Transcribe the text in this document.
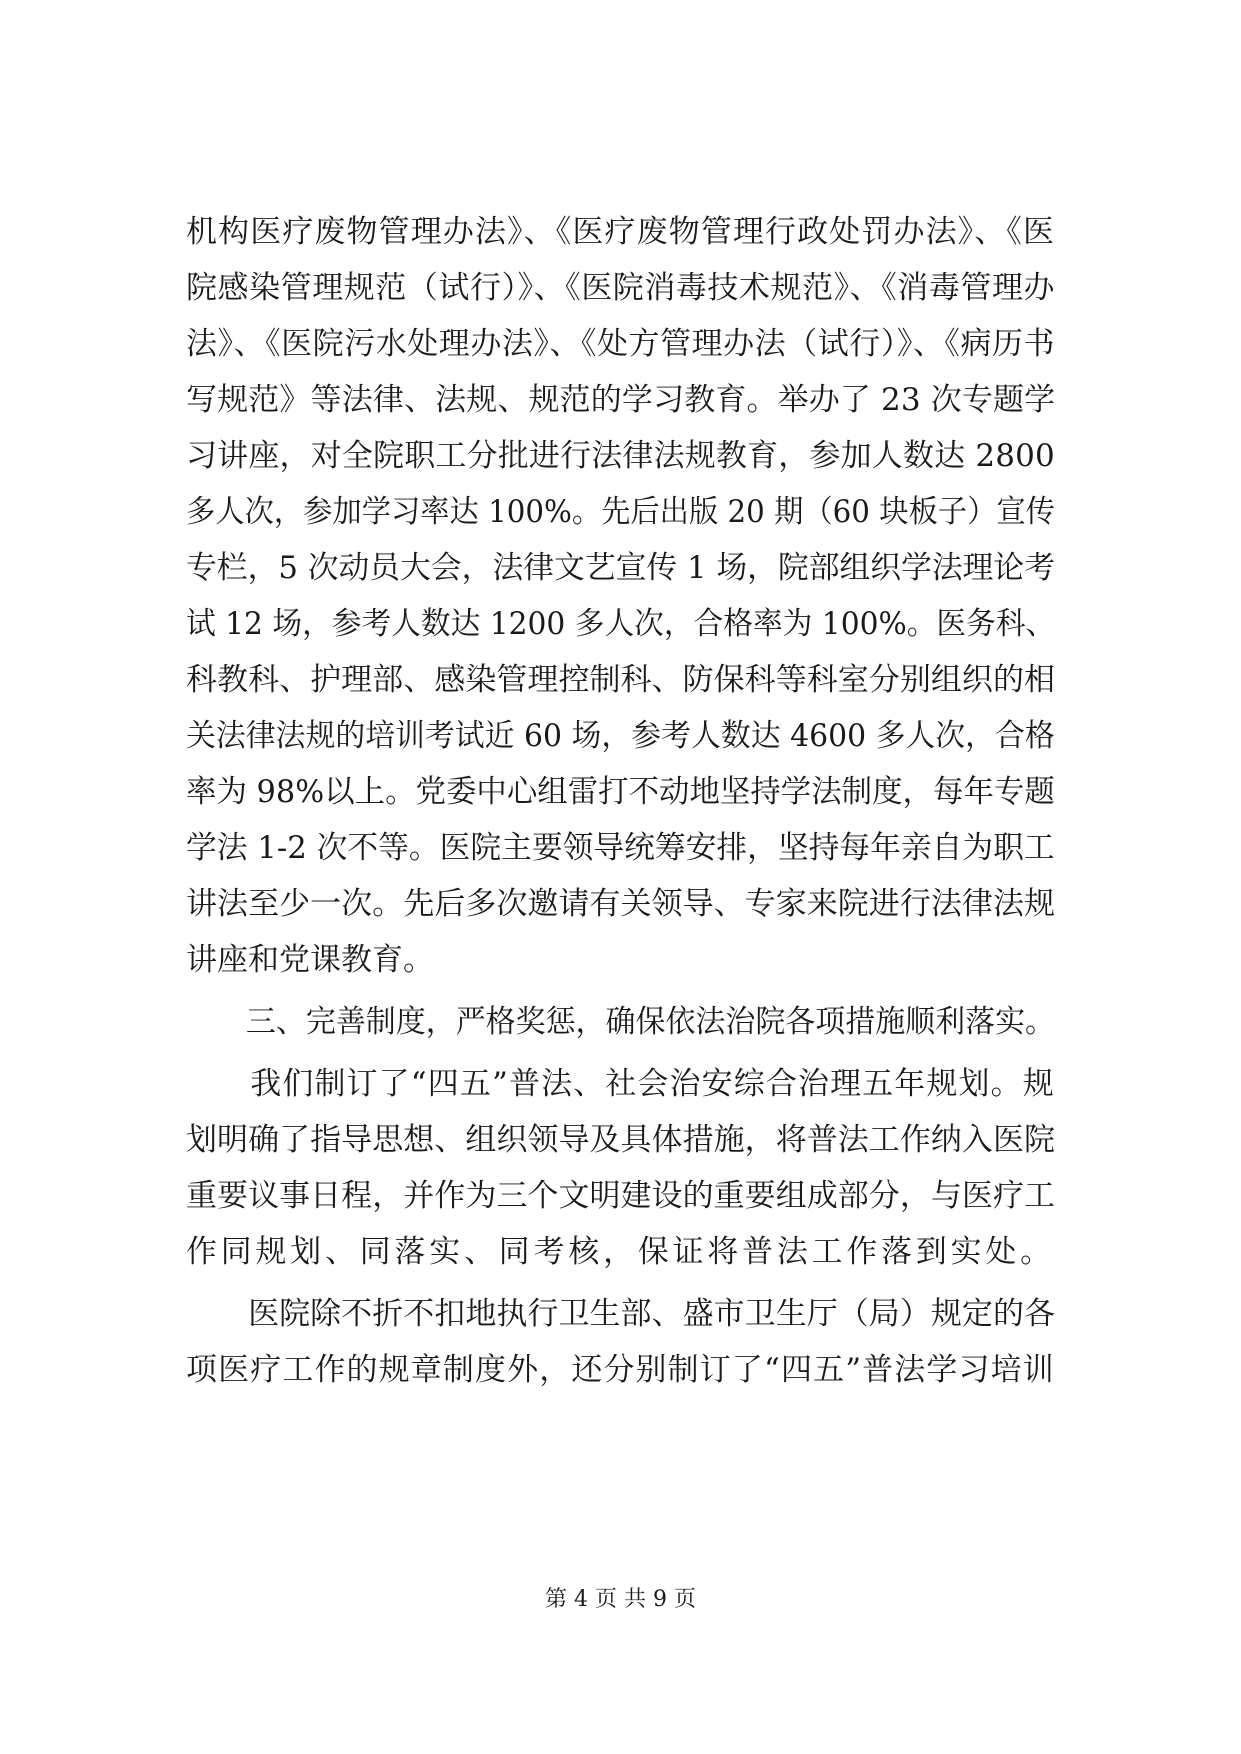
机构医疗废物管理办法》、《医疗废物管理行政处罚办法》、《医
院感染管理规范（试行）》、《医院消毒技术规范》、《消毒管理办
法》、《医院污水处理办法》、《处方管理办法（试行）》、《病历书
写规范》等法律、法规、规范的学习教育。举办了 23 次专题学
习讲座，对全院职工分批进行法律法规教育，参加人数达 2800
多人次，参加学习率达 100%。先后出版 20 期（60 块板子）宣传
专栏，5 次动员大会，法律文艺宣传 1 场，院部组织学法理论考
试 12 场，参考人数达 1200 多人次，合格率为 100%。医务科、
科教科、护理部、感染管理控制科、防保科等科室分别组织的相
关法律法规的培训考试近 60 场，参考人数达 4600 多人次，合格
率为 98%以上。党委中心组雷打不动地坚持学法制度，每年专题
学法 1-2 次不等。医院主要领导统筹安排，坚持每年亲自为职工
讲法至少一次。先后多次邀请有关领导、专家来院进行法律法规
讲座和党课教育。
　　三、完善制度，严格奖惩，确保依法治院各项措施顺利落实。
　　我们制订了“四五”普法、社会治安综合治理五年规划。规
划明确了指导思想、组织领导及具体措施，将普法工作纳入医院
重要议事日程，并作为三个文明建设的重要组成部分，与医疗工
作同规划、同落实、同考核，保证将普法工作落到实处。
　　医院除不折不扣地执行卫生部、盛市卫生厅（局）规定的各
项医疗工作的规章制度外，还分别制订了“四五”普法学习培训
第 4 页 共 9 页
